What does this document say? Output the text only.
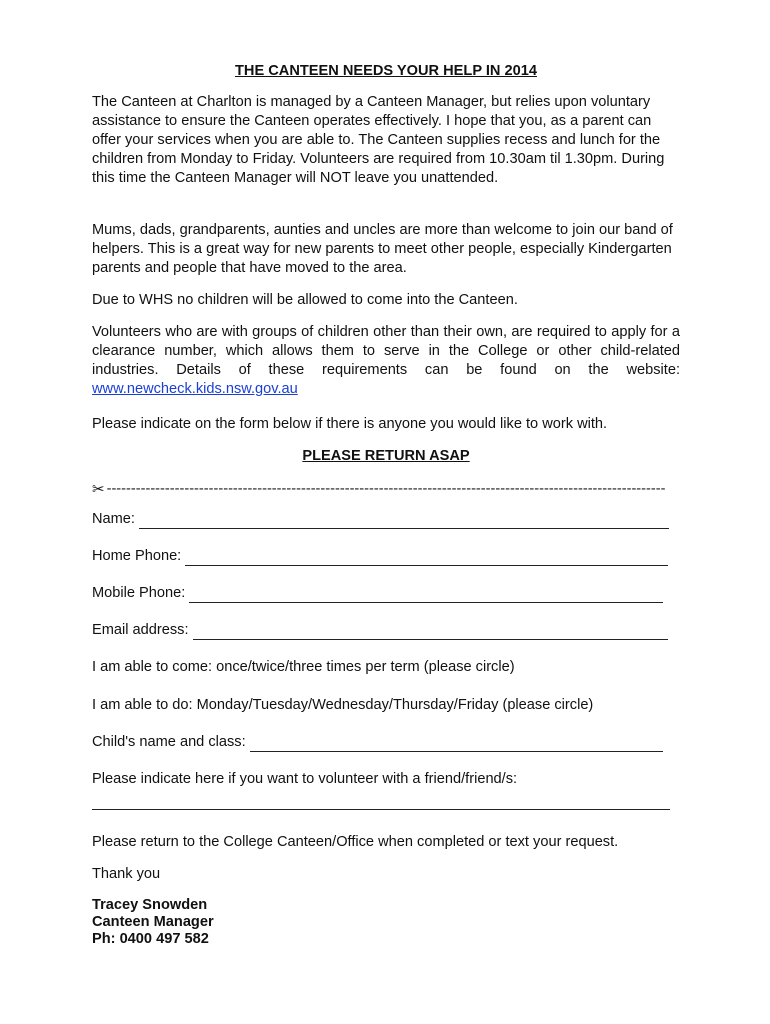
THE CANTEEN NEEDS YOUR HELP IN 2014

The Canteen at Charlton is managed by a Canteen Manager, but relies upon voluntary assistance to ensure the Canteen operates effectively. I hope that you, as a parent can offer your services when you are able to. The Canteen supplies recess and lunch for the children from Monday to Friday. Volunteers are required from 10.30am til 1.30pm. During this time the Canteen Manager will NOT leave you unattended.

Mums, dads, grandparents, aunties and uncles are more than welcome to join our band of helpers. This is a great way for new parents to meet other people, especially Kindergarten parents and people that have moved to the area.

Due to WHS no children will be allowed to come into the Canteen.

Volunteers who are with groups of children other than their own, are required to apply for a clearance number, which allows them to serve in the College or other child-related industries. Details of these requirements can be found on the website: www.newcheck.kids.nsw.gov.au

Please indicate on the form below if there is anyone you would like to work with.

PLEASE RETURN ASAP
✂ -------------------------------------------------------------------------------------------------------------------
Name:
Home Phone:
Mobile Phone:
Email address:

I am able to come: once/twice/three times per term (please circle)

I am able to do: Monday/Tuesday/Wednesday/Thursday/Friday (please circle)

Child's name and class:

Please indicate here if you want to volunteer with a friend/friend/s:

Please return to the College Canteen/Office when completed or text your request.

Thank you

Tracey Snowden
Canteen Manager
Ph: 0400 497 582
